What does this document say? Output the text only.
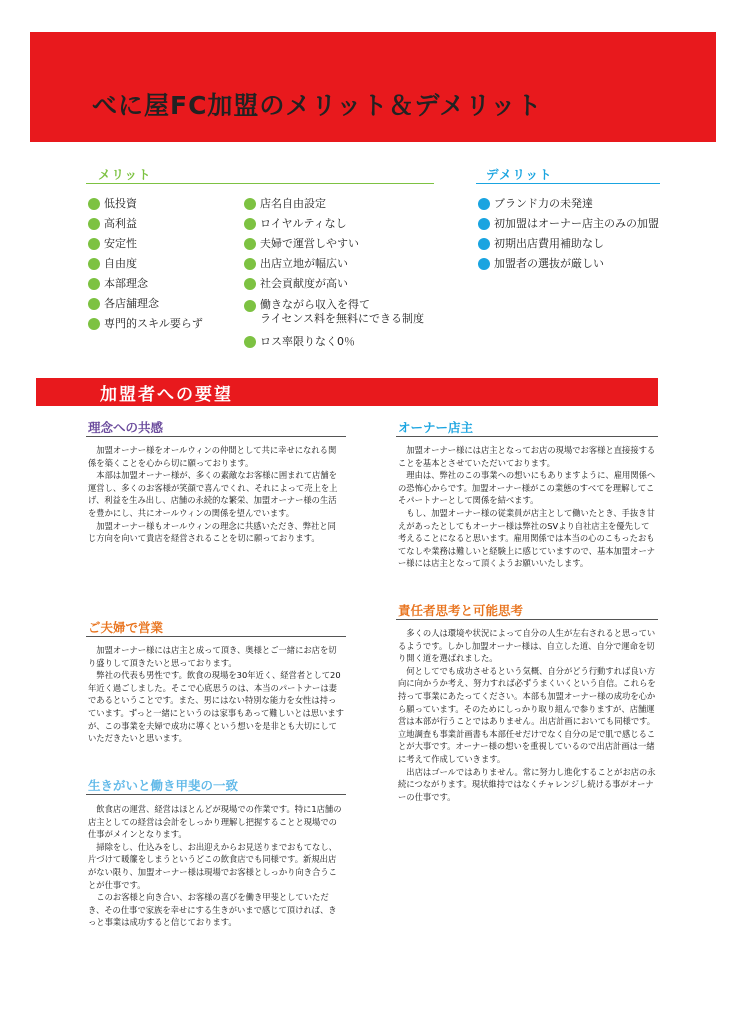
べに屋FC加盟のメリット＆デメリット
メリット
低投資
高利益
安定性
自由度
本部理念
各店舗理念
専門的スキル要らず
店名自由設定
ロイヤルティなし
夫婦で運営しやすい
出店立地が幅広い
社会貢献度が高い
働きながら収入を得て
ライセンス料を無料にできる制度
ロス率限りなく0％
デメリット
ブランド力の未発達
初加盟はオーナー店主のみの加盟
初期出店費用補助なし
加盟者の選抜が厳しい
加盟者への要望
理念への共感

加盟オーナー様をオールウィンの仲間として共に幸せになれる関係を築くことを心から切に願っております。

本部は加盟オーナー様が、多くの素敵なお客様に囲まれて店舗を運営し、多くのお客様が笑顔で喜んでくれ、それによって売上を上げ、利益を生み出し、店舗の永続的な繁栄、加盟オーナー様の生活を豊かにし、共にオールウィンの関係を望んでいます。

加盟オーナー様もオールウィンの理念に共感いただき、弊社と同じ方向を向いて貴店を経営されることを切に願っております。

ご夫婦で営業

加盟オーナー様には店主と成って頂き、奥様とご一緒にお店を切り盛りして頂きたいと思っております。

弊社の代表も男性です。飲食の現場を30年近く、経営者として20年近く過ごしました。そこで心底思うのは、本当のパートナーは妻であるということです。また、男にはない特別な能力を女性は持っています。ずっと一緒にというのは家事もあって難しいとは思いますが、この事業を夫婦で成功に導くという想いを是非とも大切にしていただきたいと思います。

生きがいと働き甲斐の一致

飲食店の運営、経営はほとんどが現場での作業です。特に1店舗の店主としての経営は会計をしっかり理解し把握することと現場での仕事がメインとなります。

掃除をし、仕込みをし、お出迎えからお見送りまでおもてなし、片づけて暖簾をしまうというどこの飲食店でも同様です。新規出店がない限り、加盟オーナー様は現場でお客様としっかり向き合うことが仕事です。

このお客様と向き合い、お客様の喜びを働き甲斐としていただき、その仕事で家族を幸せにする生きがいまで感じて頂ければ、きっと事業は成功すると信じております。

オーナー店主

加盟オーナー様には店主となってお店の現場でお客様と直接接することを基本とさせていただいております。

理由は、弊社のこの事業への想いにもありますように、雇用関係への恐怖心からです。加盟オーナー様がこの業態のすべてを理解してこそパートナーとして関係を結べます。

もし、加盟オーナー様の従業員が店主として働いたとき、手抜き甘えがあったとしてもオーナー様は弊社のSVより自社店主を優先して考えることになると思います。雇用関係では本当の心のこもったおもてなしや業務は難しいと経験上に感じていますので、基本加盟オーナー様には店主となって頂くようお願いいたします。

責任者思考と可能思考

多くの人は環境や状況によって自分の人生が左右されると思っているようです。しかし加盟オーナー様は、自立した道、自分で運命を切り開く道を選ばれました。

何としてでも成功させるという気概、自分がどう行動すれば良い方向に向かうか考え、努力すれば必ずうまくいくという自信。これらを持って事業にあたってください。本部も加盟オーナー様の成功を心から願っています。そのためにしっかり取り組んで参りますが、店舗運営は本部が行うことではありません。出店計画においても同様です。立地調査も事業計画書も本部任せだけでなく自分の足で肌で感じることが大事です。オーナー様の想いを重視しているので出店計画は一緒に考えて作成していきます。

出店はゴールではありません。常に努力し進化することがお店の永続につながります。現状維持ではなくチャレンジし続ける事がオーナーの仕事です。
